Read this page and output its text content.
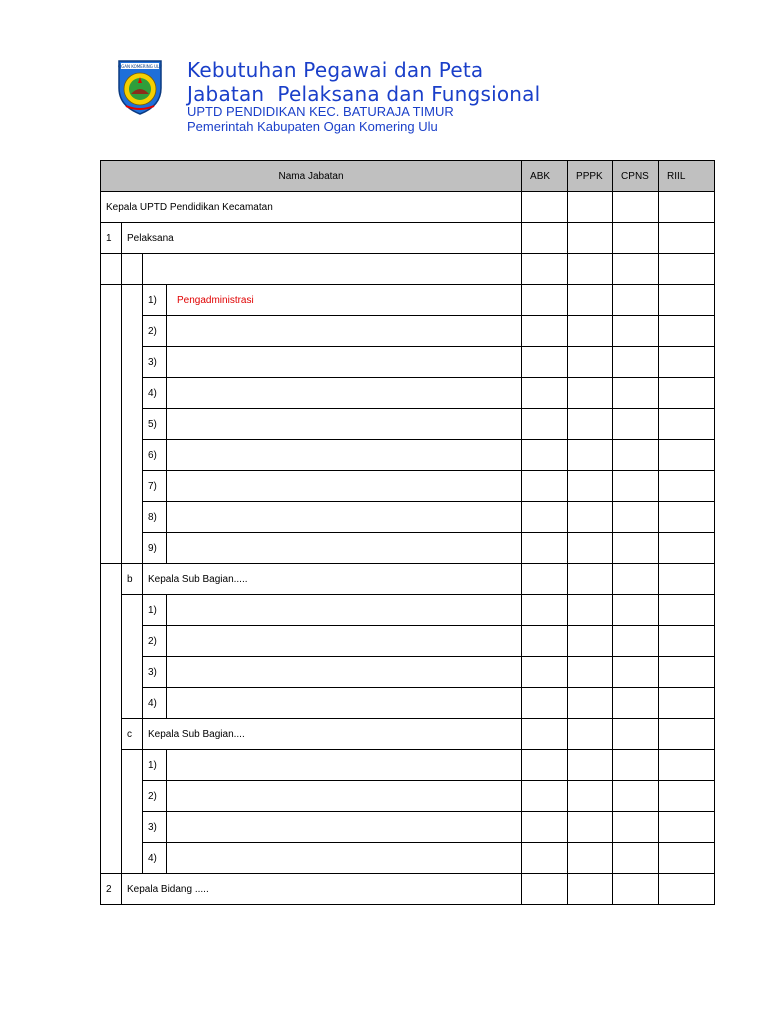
OGAN KOMERING ULU Kebutuhan Pegawai dan Peta
Jabatan  Pelaksana dan Fungsional
UPTD PENDIDIKAN KEC. BATURAJA TIMUR
Pemerintah Kabupaten Ogan Komering Ulu
Nama Jabatan				ABK	PPPK	CPNS	RIIL
Kepala UPTD Pendidikan Kecamatan							
1	Pelaksana						

		1)	Pengadministrasi				
		2)					
		3)					
		4)					
		5)					
		6)					
		7)					
		8)					
		9)					
	b	Kepala Sub Bagian.....					
		1)					
		2)					
		3)					
		4)					
	c	Kepala Sub Bagian....					
		1)					
		2)					
		3)					
		4)					
2	Kepala Bidang .....						
